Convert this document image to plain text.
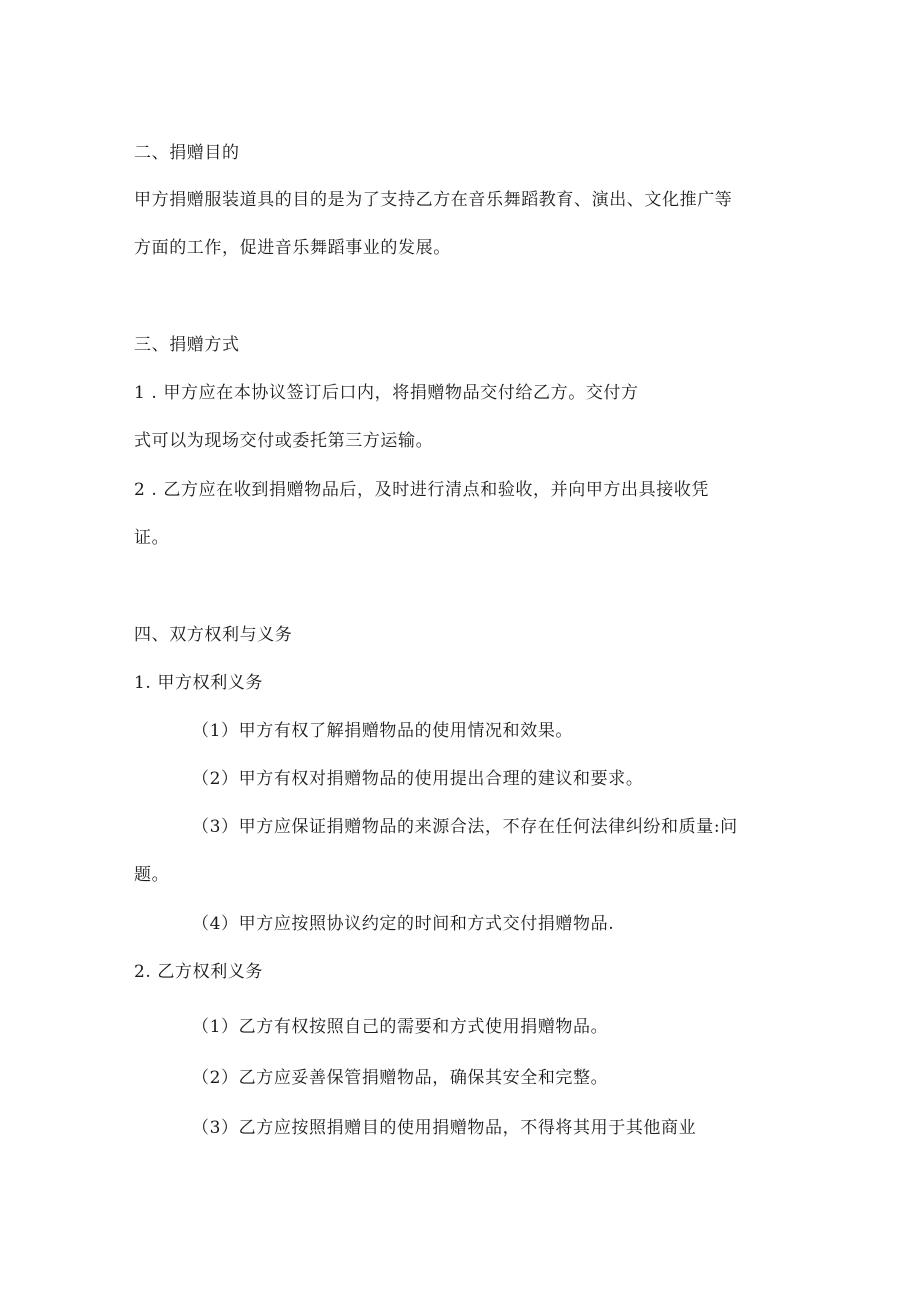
二、捐赠目的
甲方捐赠服装道具的目的是为了支持乙方在音乐舞蹈教育、演出、文化推广等
方面的工作，促进音乐舞蹈事业的发展。
三、捐赠方式
1 . 甲方应在本协议签订后口内，将捐赠物品交付给乙方。交付方
式可以为现场交付或委托第三方运输。
2 . 乙方应在收到捐赠物品后，及时进行清点和验收，并向甲方出具接收凭
证。
四、双方权利与义务
1. 甲方权利义务
（1）甲方有权了解捐赠物品的使用情况和效果。
（2）甲方有权对捐赠物品的使用提出合理的建议和要求。
（3）甲方应保证捐赠物品的来源合法，不存在任何法律纠纷和质量:问
题。
（4）甲方应按照协议约定的时间和方式交付捐赠物品.
2. 乙方权利义务
（1）乙方有权按照自己的需要和方式使用捐赠物品。
（2）乙方应妥善保管捐赠物品，确保其安全和完整。
（3）乙方应按照捐赠目的使用捐赠物品，不得将其用于其他商业
